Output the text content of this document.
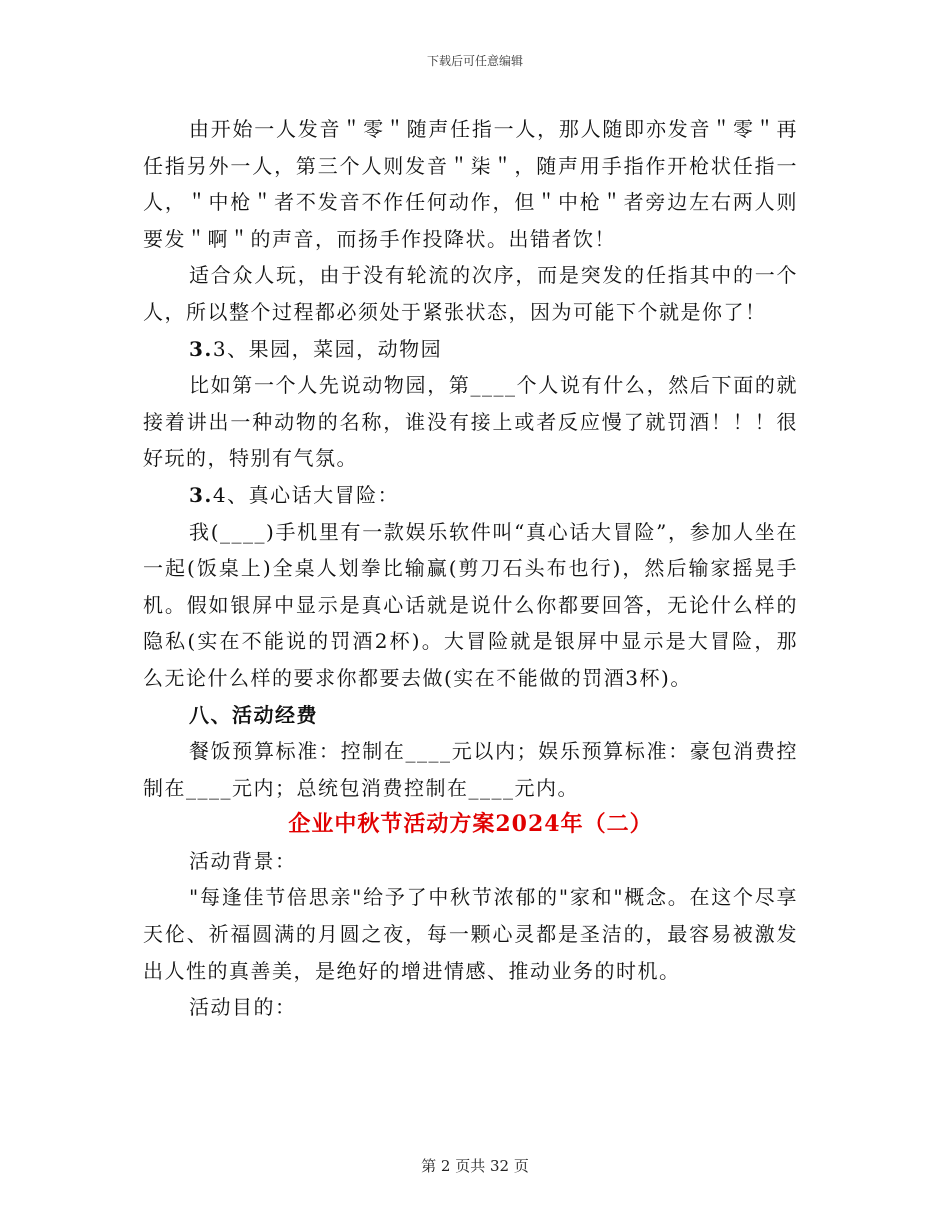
下载后可任意编辑

由开始一人发音＂零＂随声任指一人，那人随即亦发音＂零＂再任指另外一人，第三个人则发音＂柒＂，随声用手指作开枪状任指一人，＂中枪＂者不发音不作任何动作，但＂中枪＂者旁边左右两人则要发＂啊＂的声音，而扬手作投降状。出错者饮！

适合众人玩，由于没有轮流的次序，而是突发的任指其中的一个人，所以整个过程都必须处于紧张状态，因为可能下个就是你了！

3.3、果园，菜园，动物园

比如第一个人先说动物园，第____个人说有什么，然后下面的就接着讲出一种动物的名称，谁没有接上或者反应慢了就罚酒！！！很好玩的，特别有气氛。

3.4、真心话大冒险：

我(____)手机里有一款娱乐软件叫“真心话大冒险”，参加人坐在一起(饭桌上)全桌人划拳比输赢(剪刀石头布也行)，然后输家摇晃手机。假如银屏中显示是真心话就是说什么你都要回答，无论什么样的隐私(实在不能说的罚酒2杯)。大冒险就是银屏中显示是大冒险，那么无论什么样的要求你都要去做(实在不能做的罚酒3杯)。

八、活动经费

餐饭预算标准：控制在____元以内；娱乐预算标准：豪包消费控制在____元内；总统包消费控制在____元内。

企业中秋节活动方案2024年（二）

活动背景：

"每逢佳节倍思亲"给予了中秋节浓郁的"家和"概念。在这个尽享天伦、祈福圆满的月圆之夜，每一颗心灵都是圣洁的，最容易被激发出人性的真善美，是绝好的增进情感、推动业务的时机。

活动目的：

第 2 页共 32 页
